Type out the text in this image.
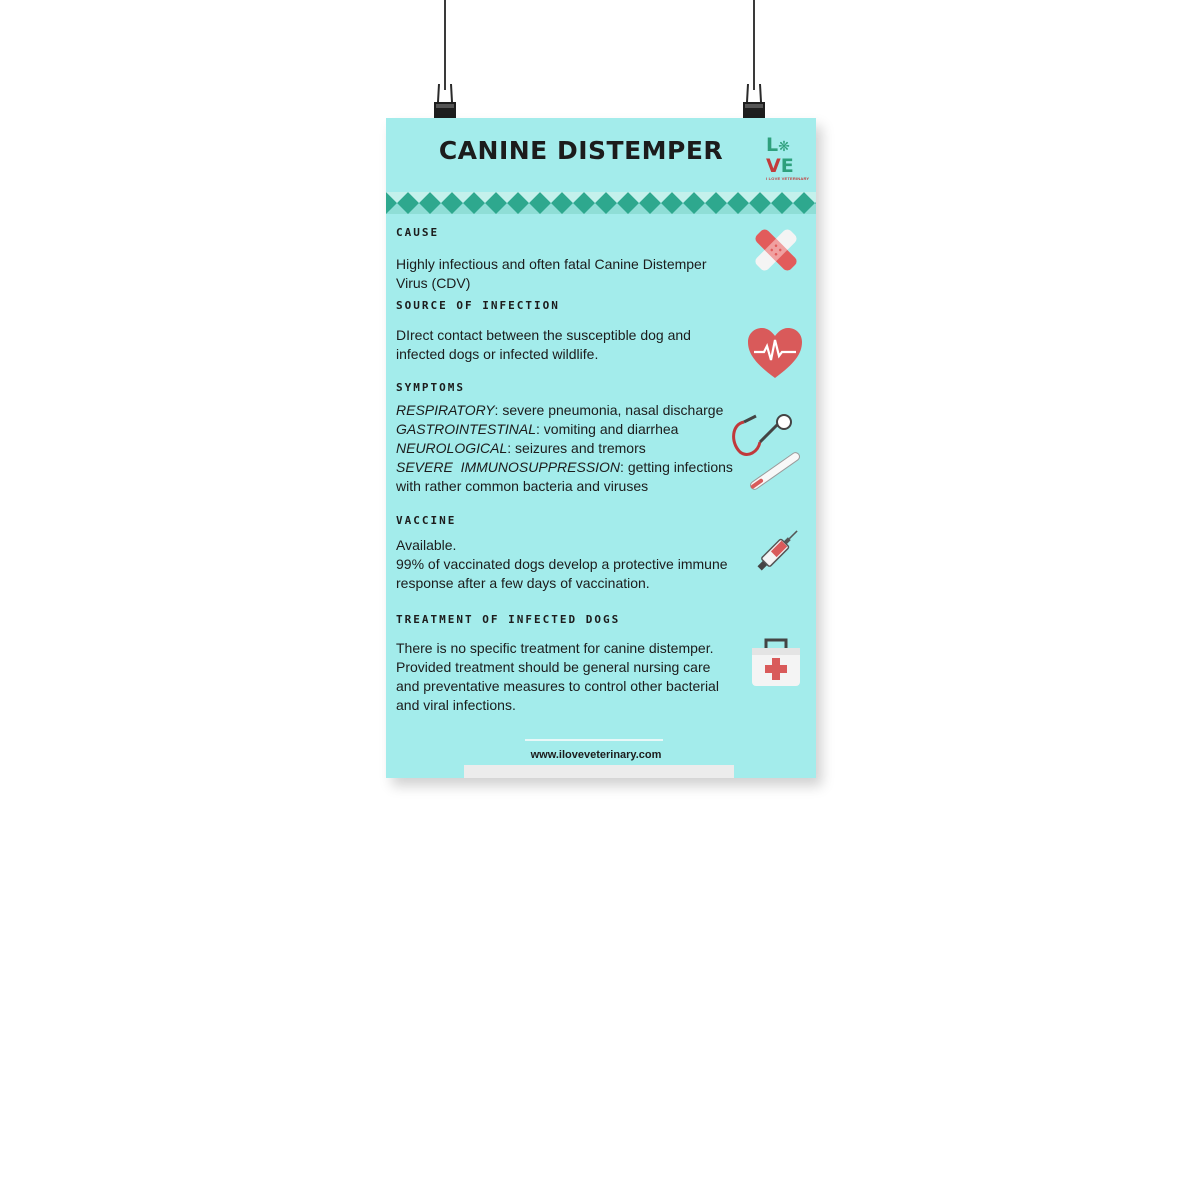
CANINE DISTEMPER	L❋
VE
I LOVE VETERINARY
CAUSE

Highly infectious and often fatal Canine Distemper

Virus (CDV)

SOURCE OF INFECTION

DIrect contact between the susceptible dog and

infected dogs or infected wildlife.

SYMPTOMS

RESPIRATORY: severe pneumonia, nasal discharge

GASTROINTESTINAL: vomiting and diarrhea

NEUROLOGICAL: seizures and tremors

SEVERE  IMMUNOSUPPRESSION: getting infections

with rather common bacteria and viruses

VACCINE

Available.

99% of vaccinated dogs develop a protective immune

response after a few days of vaccination.

TREATMENT OF INFECTED DOGS

There is no specific treatment for canine distemper.

Provided treatment should be general nursing care

and preventative measures to control other bacterial

and viral infections.

www.iloveveterinary.com
